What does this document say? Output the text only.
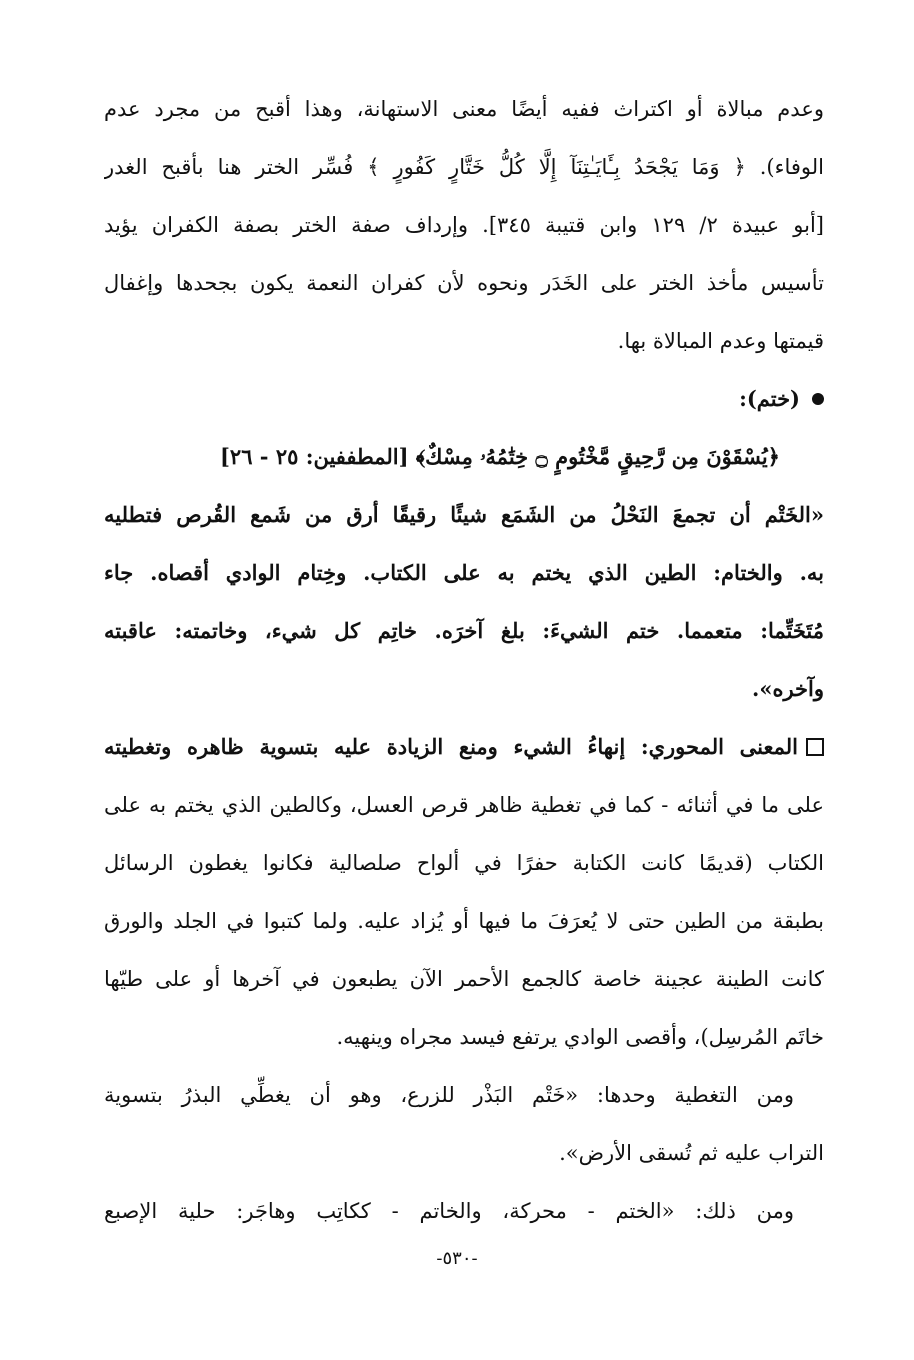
وعدم مبالاة أو اكتراث ففيه أيضًا معنى الاستهانة، وهذا أقبح من مجرد عدم
الوفاء). ﴿ وَمَا يَجْحَدُ بِـَٔايَـٰتِنَآ إِلَّا كُلُّ خَتَّارٍ كَفُورٍ ﴾ فُسِّر الختر هنا بأقبح الغدر
[أبو عبيدة ٢/ ١٢٩ وابن قتيبة ٣٤٥]. وإرداف صفة الختر بصفة الكفران يؤيد
تأسيس مأخذ الختر على الخَدَر ونحوه لأن كفران النعمة يكون بجحدها وإغفال
قيمتها وعدم المبالاة بها.
(ختم):
﴿يُسْقَوْنَ مِن رَّحِيقٍ مَّخْتُومٍ ۝ خِتَٰمُهُۥ مِسْكٌ﴾ [المطففين: ٢٥ - ٢٦]
«الخَتْم أن تجمعَ النَحْلُ من الشَمَع شيئًا رقيقًا أرق من شَمع القُرص فتطليه
به. والختام: الطين الذي يختم به على الكتاب. وخِتام الوادي أقصاه. جاء
مُتَخَتِّما: متعمما. ختم الشيءَ: بلغ آخرَه. خاتِم كل شيء، وخاتمته: عاقبته
وآخره».
المعنى المحوري: إنهاءُ الشيء ومنع الزيادة عليه بتسوية ظاهره وتغطيته
على ما في أثنائه - كما في تغطية ظاهر قرص العسل، وكالطين الذي يختم به على
الكتاب (قديمًا كانت الكتابة حفرًا في ألواح صلصالية فكانوا يغطون الرسائل
بطبقة من الطين حتى لا يُعرَفَ ما فيها أو يُزاد عليه. ولما كتبوا في الجلد والورق
كانت الطينة عجينة خاصة كالجمع الأحمر الآن يطبعون في آخرها أو على طيّها
خاتَم المُرسِل)، وأقصى الوادي يرتفع فيسد مجراه وينهيه.
ومن التغطية وحدها: «خَتْم البَذْر للزرع، وهو أن يغطِّي البذرُ بتسوية
التراب عليه ثم تُسقى الأرض».
ومن ذلك: «الختم - محركة، والخاتم - ككاتِب وهاجَر: حلية الإصبع
-٥٣٠-
